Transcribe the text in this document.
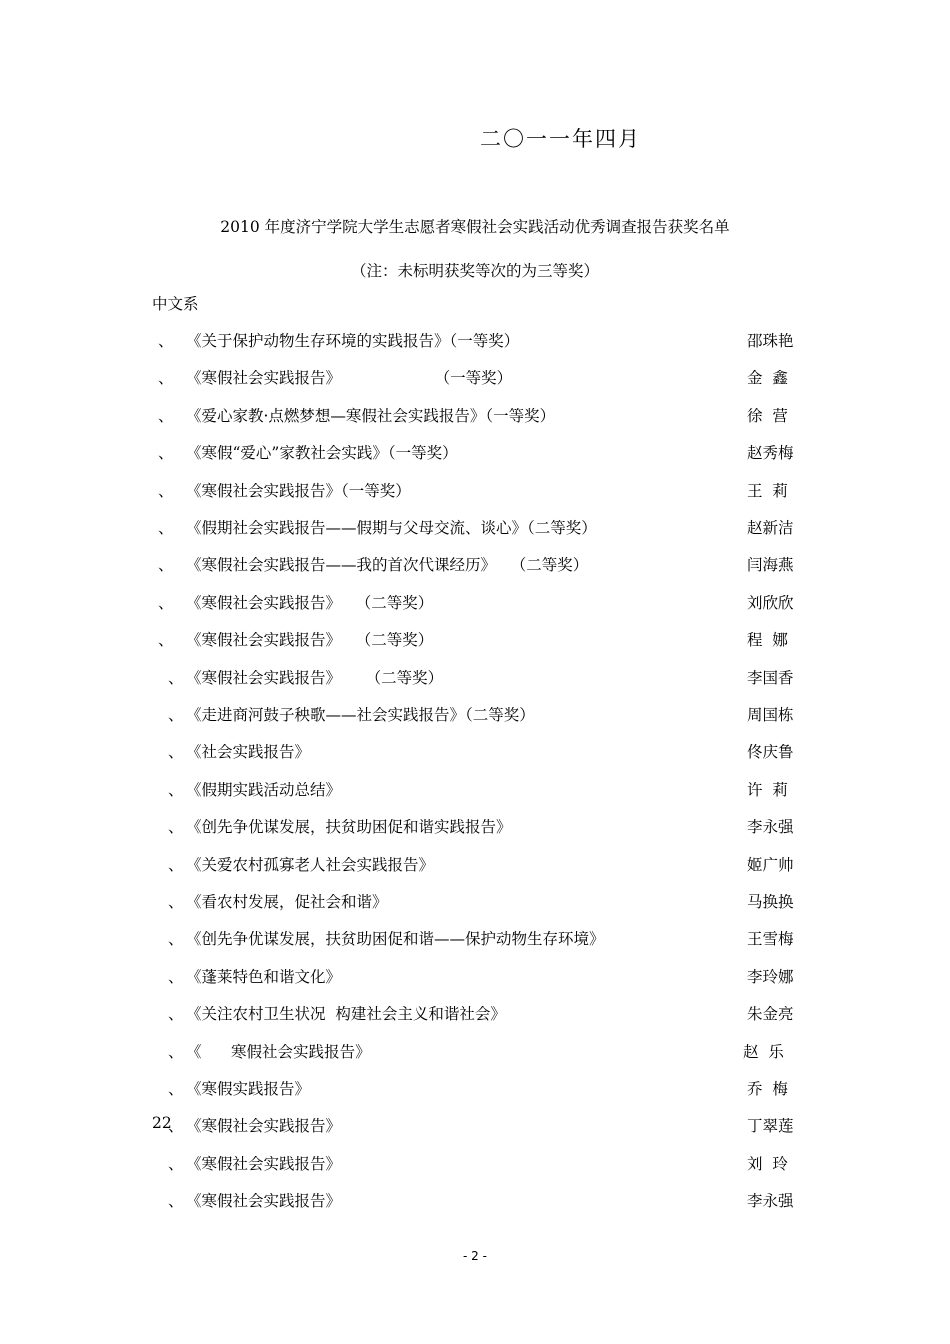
二〇一一年四月
2010 年度济宁学院大学生志愿者寒假社会实践活动优秀调查报告获奖名单
（注：未标明获奖等次的为三等奖）
中文系
、 《关于保护动物生存环境的实践报告》（一等奖）	邵珠艳
、 《寒假社会实践报告》                   （一等奖）	金  鑫
、 《爱心家教·点燃梦想—寒假社会实践报告》（一等奖）	徐  营
、 《寒假“爱心”家教社会实践》（一等奖）	赵秀梅
、 《寒假社会实践报告》（一等奖）	王  莉
、 《假期社会实践报告——假期与父母交流、谈心》（二等奖）	赵新洁
、 《寒假社会实践报告——我的首次代课经历》   （二等奖）	闫海燕
、 《寒假社会实践报告》   （二等奖）	刘欣欣
、 《寒假社会实践报告》   （二等奖）	程  娜
、 《寒假社会实践报告》     （二等奖）	李国香
、 《走进商河鼓子秧歌——社会实践报告》（二等奖）	周国栋
、 《社会实践报告》	佟庆鲁
、 《假期实践活动总结》	许  莉
、 《创先争优谋发展，扶贫助困促和谐实践报告》	李永强
、 《关爱农村孤寡老人社会实践报告》	姬广帅
、 《看农村发展，促社会和谐》	马换换
、 《创先争优谋发展，扶贫助困促和谐——保护动物生存环境》	王雪梅
、 《蓬莱特色和谐文化》	李玲娜
、 《关注农村卫生状况  构建社会主义和谐社会》	朱金亮
、 《      寒假社会实践报告》	赵  乐
、 《寒假实践报告》	乔  梅
22
、 《寒假社会实践报告》	丁翠莲
、 《寒假社会实践报告》	刘  玲
、 《寒假社会实践报告》	李永强
- 2 -
